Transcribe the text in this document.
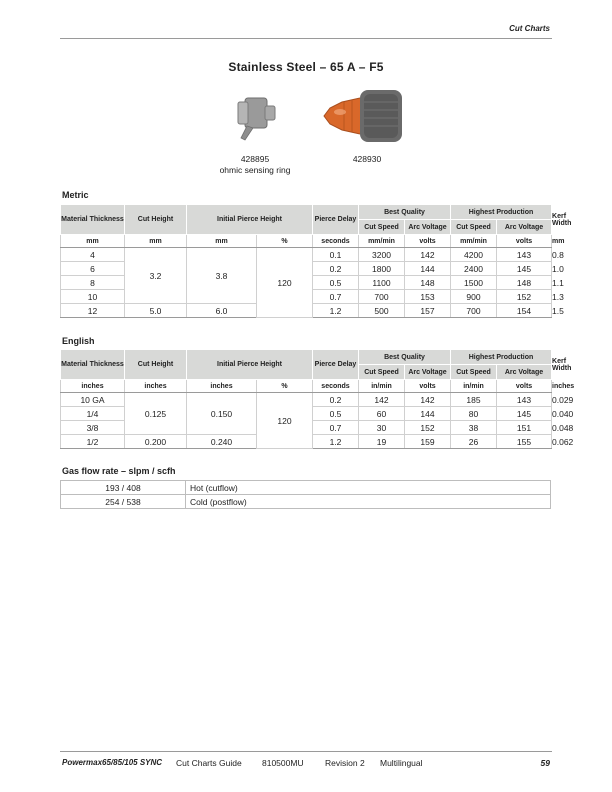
Cut Charts
Stainless Steel – 65 A – F5
428895
ohmic sensing ring
428930
Metric
Material Thickness	Cut Height	Initial Pierce Height		Pierce Delay	Best Quality		Highest Production		Kerf Width
					Cut Speed	Arc Voltage	Cut Speed	Arc Voltage	
mm	mm	mm	%	seconds	mm/min	volts	mm/min	volts	mm
4	3.2	3.8	120	0.1	3200	142	4200	143	0.8
6				0.2	1800	144	2400	145	1.0
8				0.5	1100	148	1500	148	1.1
10				0.7	700	153	900	152	1.3
12	5.0	6.0		1.2	500	157	700	154	1.5
English
Material Thickness	Cut Height	Initial Pierce Height		Pierce Delay	Best Quality		Highest Production		Kerf Width
					Cut Speed	Arc Voltage	Cut Speed	Arc Voltage	
inches	inches	inches	%	seconds	in/min	volts	in/min	volts	inches
10 GA	0.125	0.150	120	0.2	142	142	185	143	0.029
1/4				0.5	60	144	80	145	0.040
3/8				0.7	30	152	38	151	0.048
1/2	0.200	0.240		1.2	19	159	26	155	0.062
Gas flow rate – slpm / scfh
193 / 408	Hot (cutflow)
254 / 538	Cold (postflow)
Powermax65/85/105 SYNC Cut Charts Guide 810500MU	Revision 2 Multilingual	59
